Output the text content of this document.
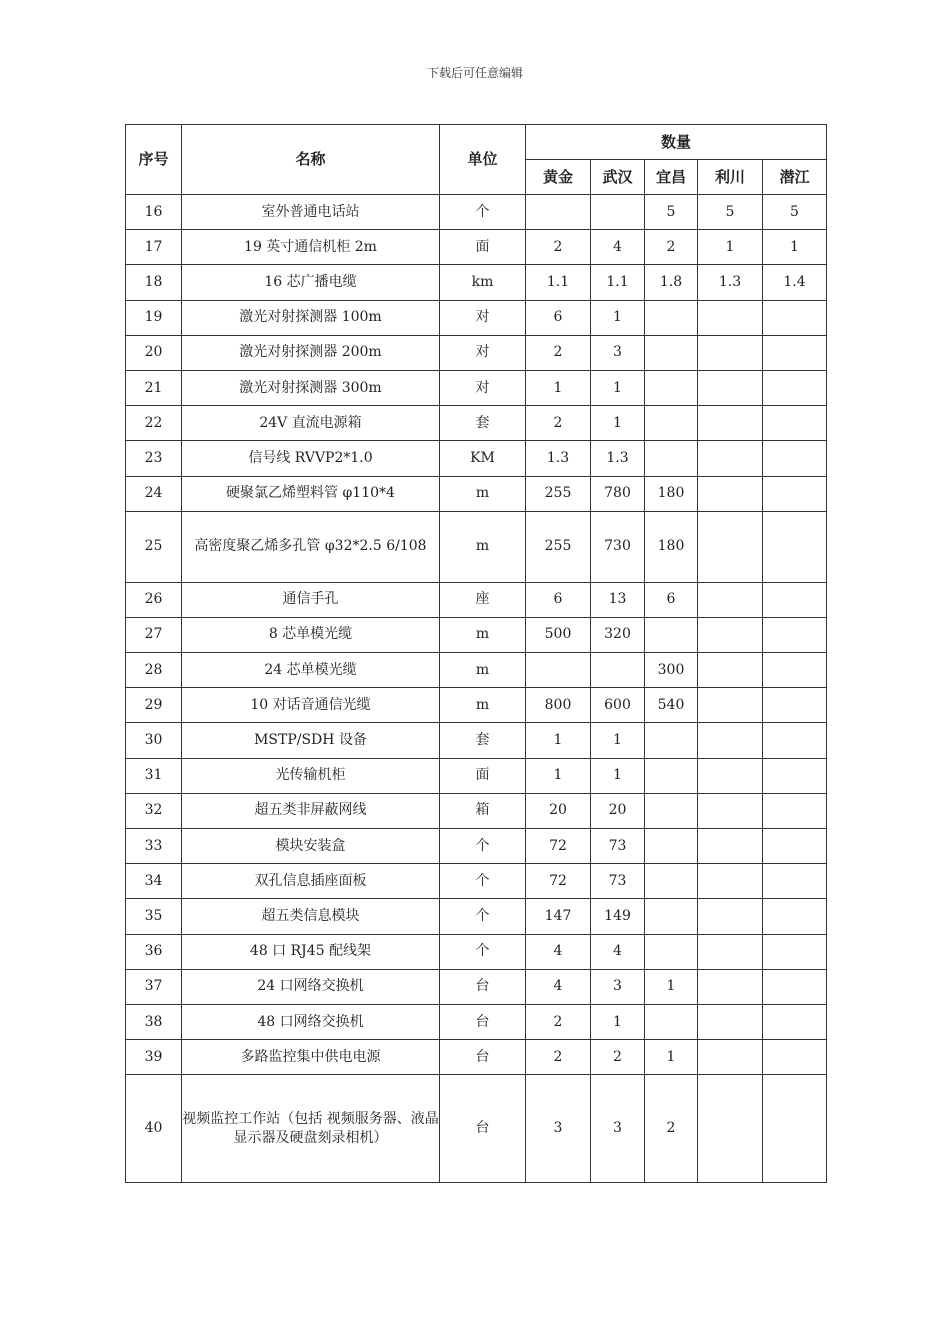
下载后可任意编辑
序号	名称	单位	数量				
			黄金	武汉	宜昌	利川	潜江
16	室外普通电话站	个			5	5	5
17	19 英寸通信机柜 2m	面	2	4	2	1	1
18	16 芯广播电缆	km	1.1	1.1	1.8	1.3	1.4
19	激光对射探测器 100m	对	6	1			
20	激光对射探测器 200m	对	2	3			
21	激光对射探测器 300m	对	1	1			
22	24V 直流电源箱	套	2	1			
23	信号线 RVVP2*1.0	KM	1.3	1.3			
24	硬聚氯乙烯塑料管 φ110*4	m	255	780	180		
25	高密度聚乙烯多孔管 φ32*2.5 6/108	m	255	730	180		
26	通信手孔	座	6	13	6		
27	8 芯单模光缆	m	500	320			
28	24 芯单模光缆	m			300		
29	10 对话音通信光缆	m	800	600	540		
30	MSTP/SDH 设备	套	1	1			
31	光传输机柜	面	1	1			
32	超五类非屏蔽网线	箱	20	20			
33	模块安装盒	个	72	73			
34	双孔信息插座面板	个	72	73			
35	超五类信息模块	个	147	149			
36	48 口 RJ45 配线架	个	4	4			
37	24 口网络交换机	台	4	3	1		
38	48 口网络交换机	台	2	1			
39	多路监控集中供电电源	台	2	2	1		
40	视频监控工作站（包括 视频服务器、液晶显示器及硬盘刻录相机）	台	3	3	2		
